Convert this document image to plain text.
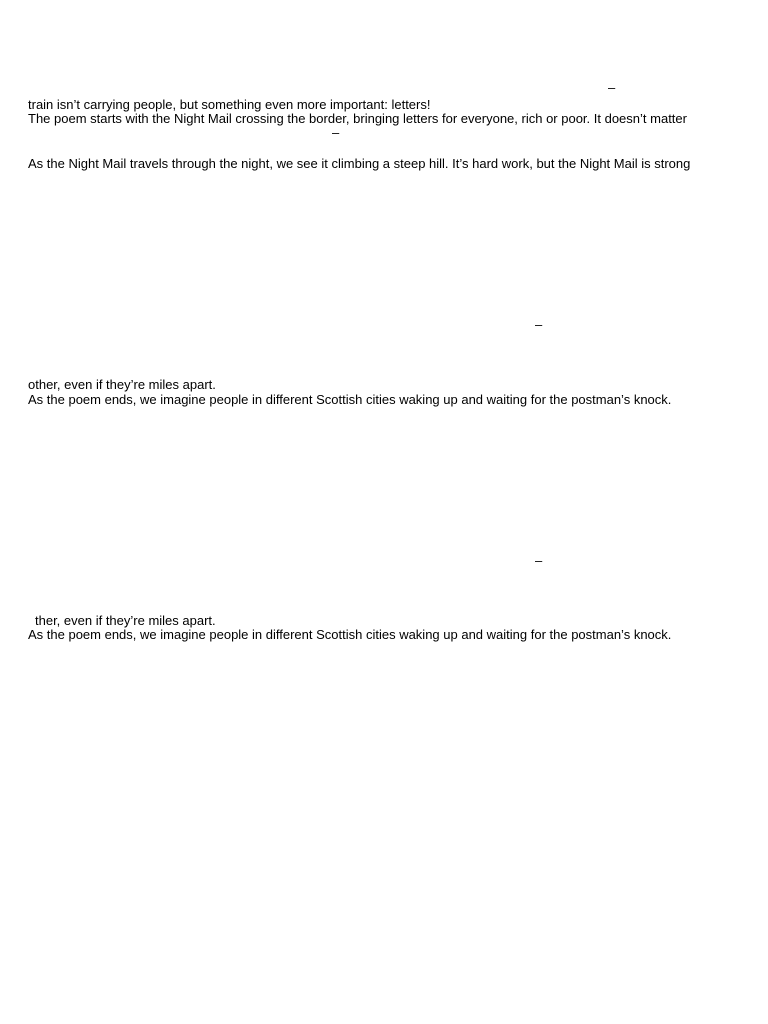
–
train isn’t carrying people, but something even more important: letters!
The poem starts with the Night Mail crossing the border, bringing letters for everyone, rich or poor. It doesn’t matter
–
As the Night Mail travels through the night, we see it climbing a steep hill. It’s hard work, but the Night Mail is strong
–
other, even if they’re miles apart.
As the poem ends, we imagine people in different Scottish cities waking up and waiting for the postman’s knock.
–
ther, even if they’re miles apart.
As the poem ends, we imagine people in different Scottish cities waking up and waiting for the postman’s knock.
